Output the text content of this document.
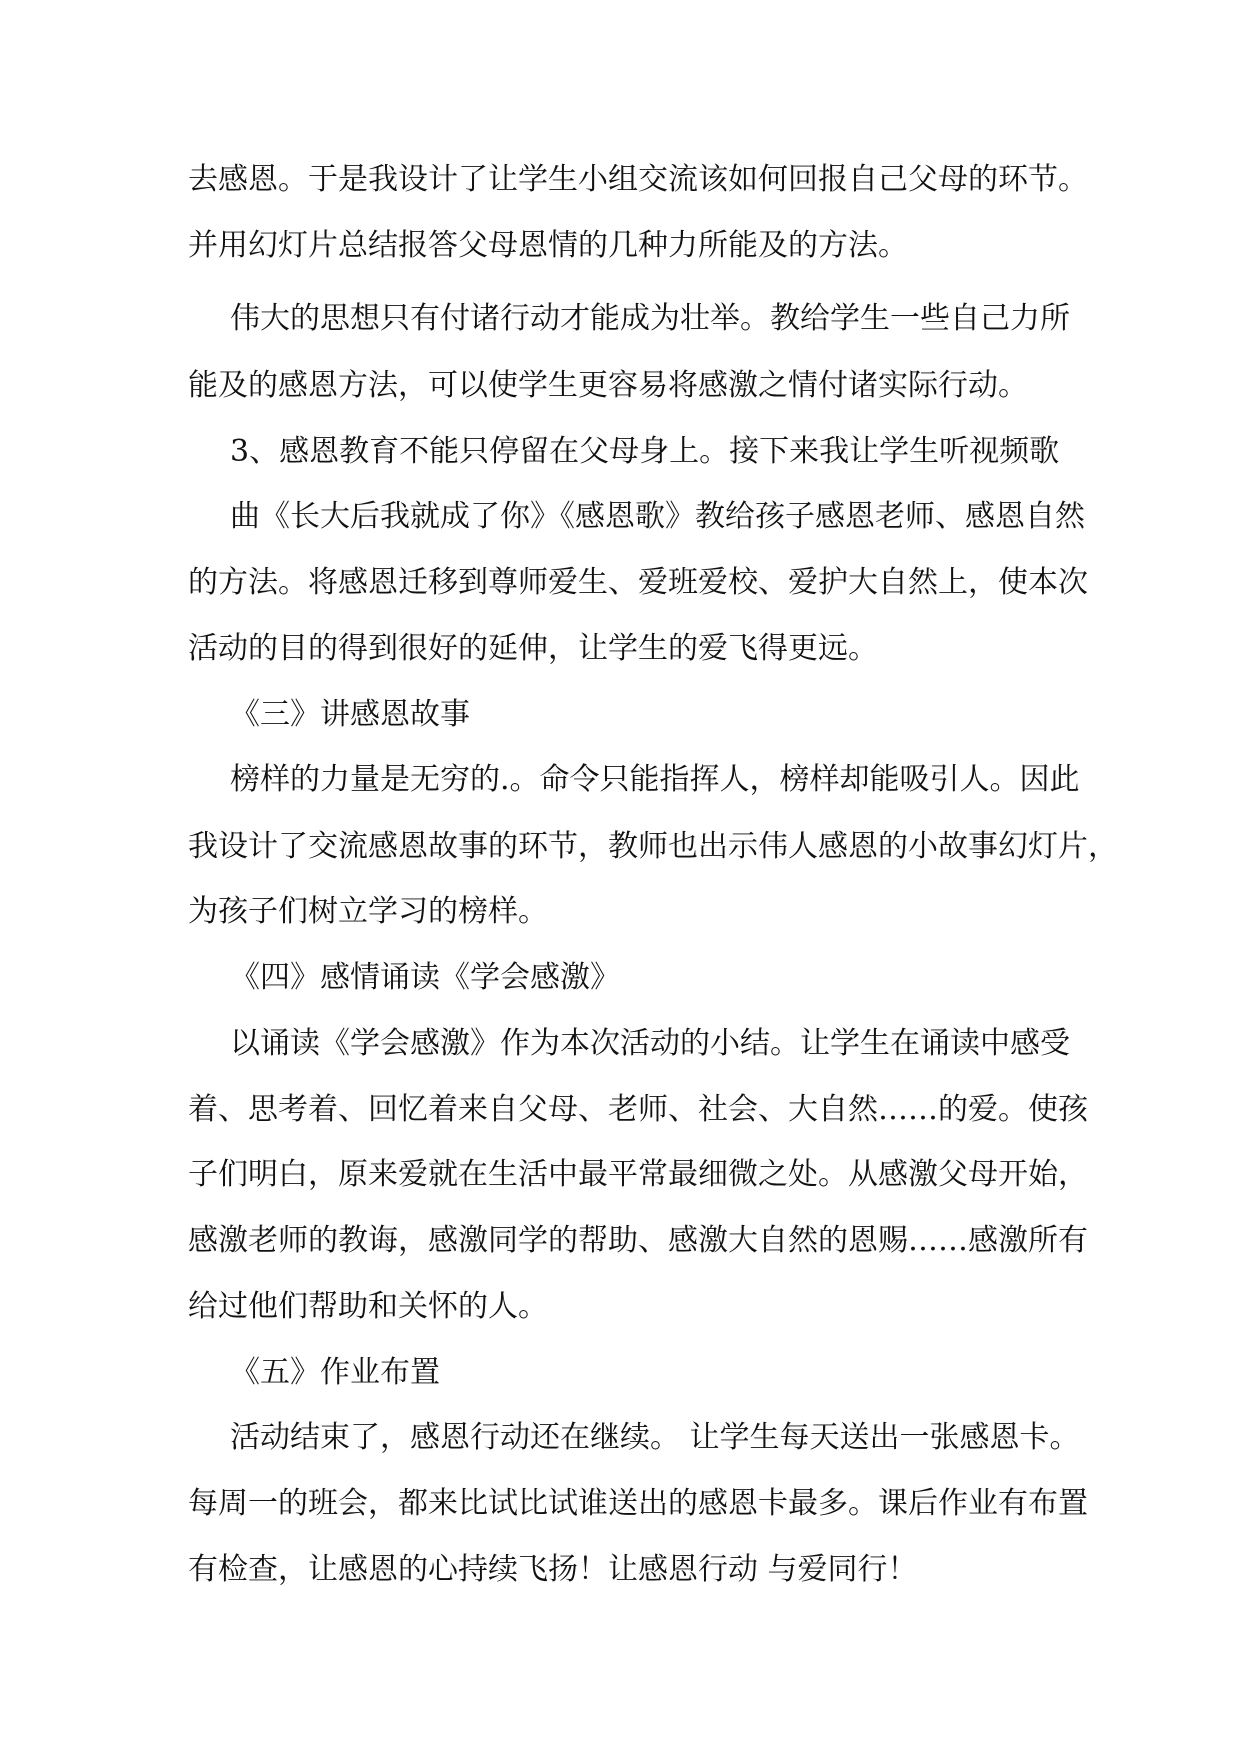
去感恩。于是我设计了让学生小组交流该如何回报自己父母的环节。

并用幻灯片总结报答父母恩情的几种力所能及的方法。

伟大的思想只有付诸行动才能成为壮举。教给学生一些自己力所

能及的感恩方法，可以使学生更容易将感激之情付诸实际行动。

3、感恩教育不能只停留在父母身上。接下来我让学生听视频歌

曲《长大后我就成了你》《感恩歌》教给孩子感恩老师、感恩自然

的方法。将感恩迁移到尊师爱生、爱班爱校、爱护大自然上，使本次

活动的目的得到很好的延伸，让学生的爱飞得更远。

《三》讲感恩故事

榜样的力量是无穷的.。命令只能指挥人，榜样却能吸引人。因此

我设计了交流感恩故事的环节，教师也出示伟人感恩的小故事幻灯片，

为孩子们树立学习的榜样。

《四》感情诵读《学会感激》

以诵读《学会感激》作为本次活动的小结。让学生在诵读中感受

着、思考着、回忆着来自父母、老师、社会、大自然……的爱。使孩

子们明白，原来爱就在生活中最平常最细微之处。从感激父母开始，

感激老师的教诲，感激同学的帮助、感激大自然的恩赐……感激所有

给过他们帮助和关怀的人。

《五》作业布置

活动结束了，感恩行动还在继续。 让学生每天送出一张感恩卡。

每周一的班会，都来比试比试谁送出的感恩卡最多。课后作业有布置

有检查，让感恩的心持续飞扬！让感恩行动 与爱同行！
